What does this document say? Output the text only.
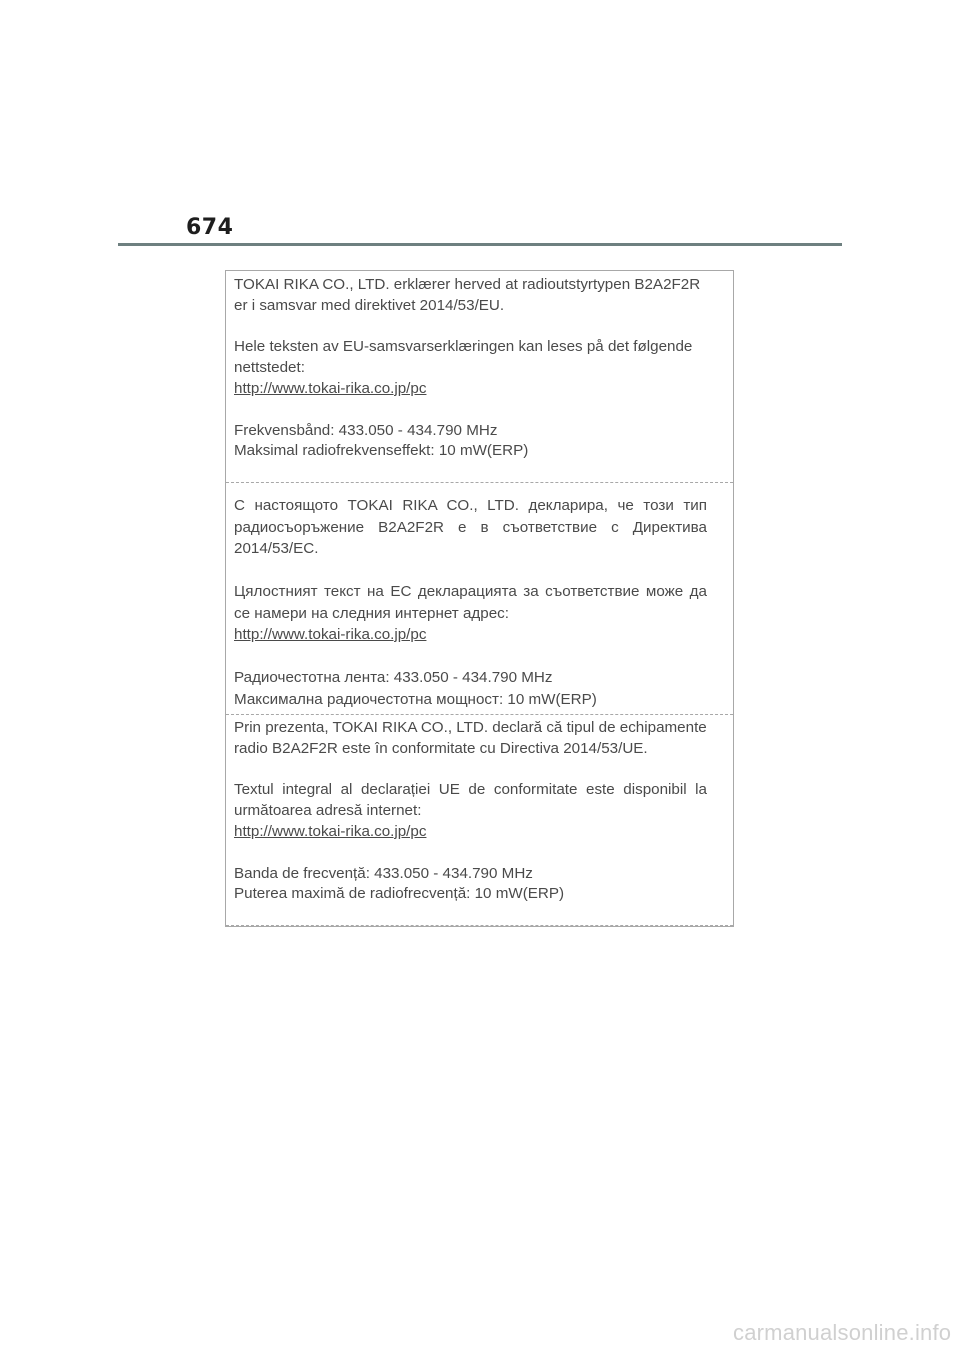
674

TOKAI RIKA CO., LTD. erklærer herved at radioutstyrtypen B2A2F2R er i samsvar med direktivet 2014/53/EU.

Hele teksten av EU-samsvarserklæringen kan leses på det følgende nettstedet:

http://www.tokai-rika.co.jp/pc

Frekvensbånd: 433.050 - 434.790 MHz

Maksimal radiofrekvenseffekt: 10 mW(ERP)

С настоящото TOKAI RIKA CO., LTD. декларира, че този тип радиосъоръжение B2A2F2R е в съответствие с Директива 2014/53/ЕС.

Цялостният текст на ЕС декларацията за съответствие може да се намери на следния интернет адрес:

http://www.tokai-rika.co.jp/pc

Радиочестотна лента: 433.050 - 434.790 MHz

Максимална радиочестотна мощност: 10 mW(ERP)

Prin prezenta, TOKAI RIKA CO., LTD. declară că tipul de echipamente radio B2A2F2R este în conformitate cu Directiva 2014/53/UE.

Textul integral al declarației UE de conformitate este disponibil la următoarea adresă internet:

http://www.tokai-rika.co.jp/pc

Banda de frecvență: 433.050 - 434.790 MHz

Puterea maximă de radiofrecvență: 10 mW(ERP)

carmanualsonline.info
